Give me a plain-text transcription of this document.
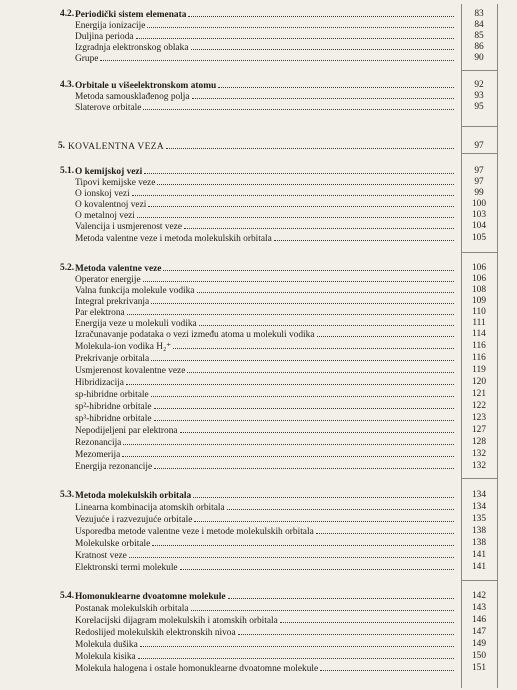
4.2. Periodički sistem elemenata	83
Energija ionizacije	84
Duljina perioda	85
Izgradnja elektronskog oblaka	86
Grupe	90
4.3. Orbitale u višeelektronskom atomu	92
Metoda samousklađenog polja	93
Slaterove orbitale	95
5. KOVALENTNA VEZA	97
5.1. O kemijskoj vezi	97
Tipovi kemijske veze	97
O ionskoj vezi	99
O kovalentnoj vezi	100
O metalnoj vezi	103
Valencija i usmjerenost veze	104
Metoda valentne veze i metoda molekulskih orbitala	105
5.2. Metoda valentne veze	106
Operator energije	106
Valna funkcija molekule vodika	108
Integral prekrivanja	109
Par elektrona	110
Energija veze u molekuli vodika	111
Izračunavanje podataka o vezi između atoma u molekuli vodika	114
Molekula-ion vodika H₂⁺	116
Prekrivanje orbitala	116
Usmjerenost kovalentne veze	119
Hibridizacija	120
sp-hibridne orbitale	121
sp²-hibridne orbitale	122
sp³-hibridne orbitale	123
Nepodijeljeni par elektrona	127
Rezonancija	128
Mezomerija	132
Energija rezonancije	132
5.3. Metoda molekulskih orbitala	134
Linearna kombinacija atomskih orbitala	134
Vezujuće i razvezujuće orbitale	135
Usporedba metode valentne veze i metode molekulskih orbitala	138
Molekulske orbitale	138
Kratnost veze	141
Elektronski termi molekule	141
5.4. Homonuklearne dvoatomne molekule	142
Postanak molekulskih orbitala	143
Korelacijski dijagram molekulskih i atomskih orbitala	146
Redoslijed molekulskih elektronskih nivoa	147
Molekula dušika	149
Molekula kisika	150
Molekula halogena i ostale homonuklearne dvoatomne molekule	151
